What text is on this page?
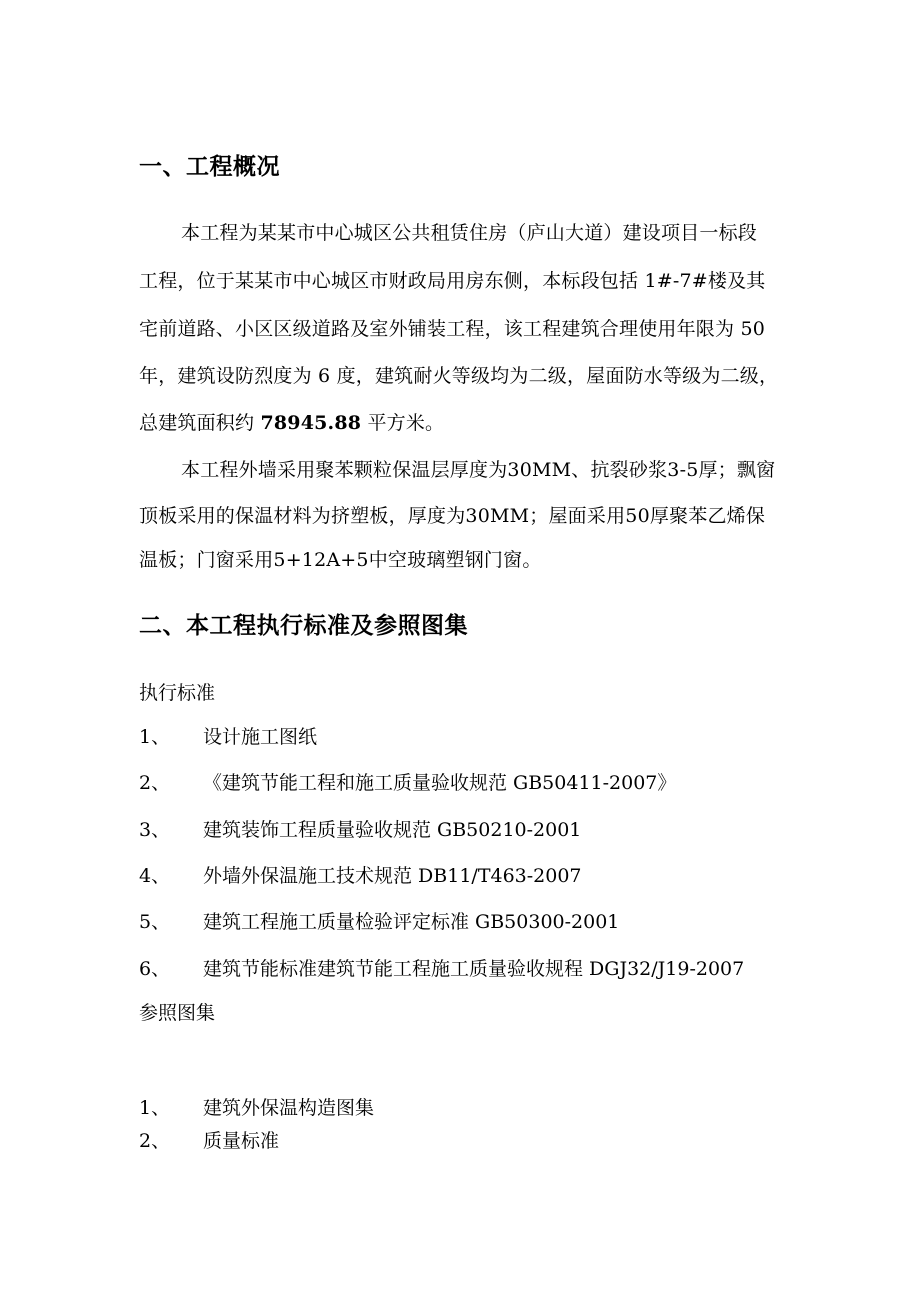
一、工程概况
本工程为某某市中心城区公共租赁住房（庐山大道）建设项目一标段
工程，位于某某市中心城区市财政局用房东侧，本标段包括 1#-7#楼及其
宅前道路、小区区级道路及室外铺装工程，该工程建筑合理使用年限为 50
年，建筑设防烈度为 6 度，建筑耐火等级均为二级，屋面防水等级为二级，
总建筑面积约 78945.88 平方米。
本工程外墙采用聚苯颗粒保温层厚度为30MM、抗裂砂浆3-5厚；飘窗
顶板采用的保温材料为挤塑板，厚度为30MM；屋面采用50厚聚苯乙烯保
温板；门窗采用5+12A+5中空玻璃塑钢门窗。
二、本工程执行标准及参照图集
执行标准
1、 设计施工图纸
2、 《建筑节能工程和施工质量验收规范 GB50411-2007》
3、 建筑装饰工程质量验收规范 GB50210-2001
4、 外墙外保温施工技术规范 DB11/T463-2007
5、 建筑工程施工质量检验评定标准 GB50300-2001
6、 建筑节能标准建筑节能工程施工质量验收规程 DGJ32/J19-2007
参照图集
1、 建筑外保温构造图集
2、 质量标准
